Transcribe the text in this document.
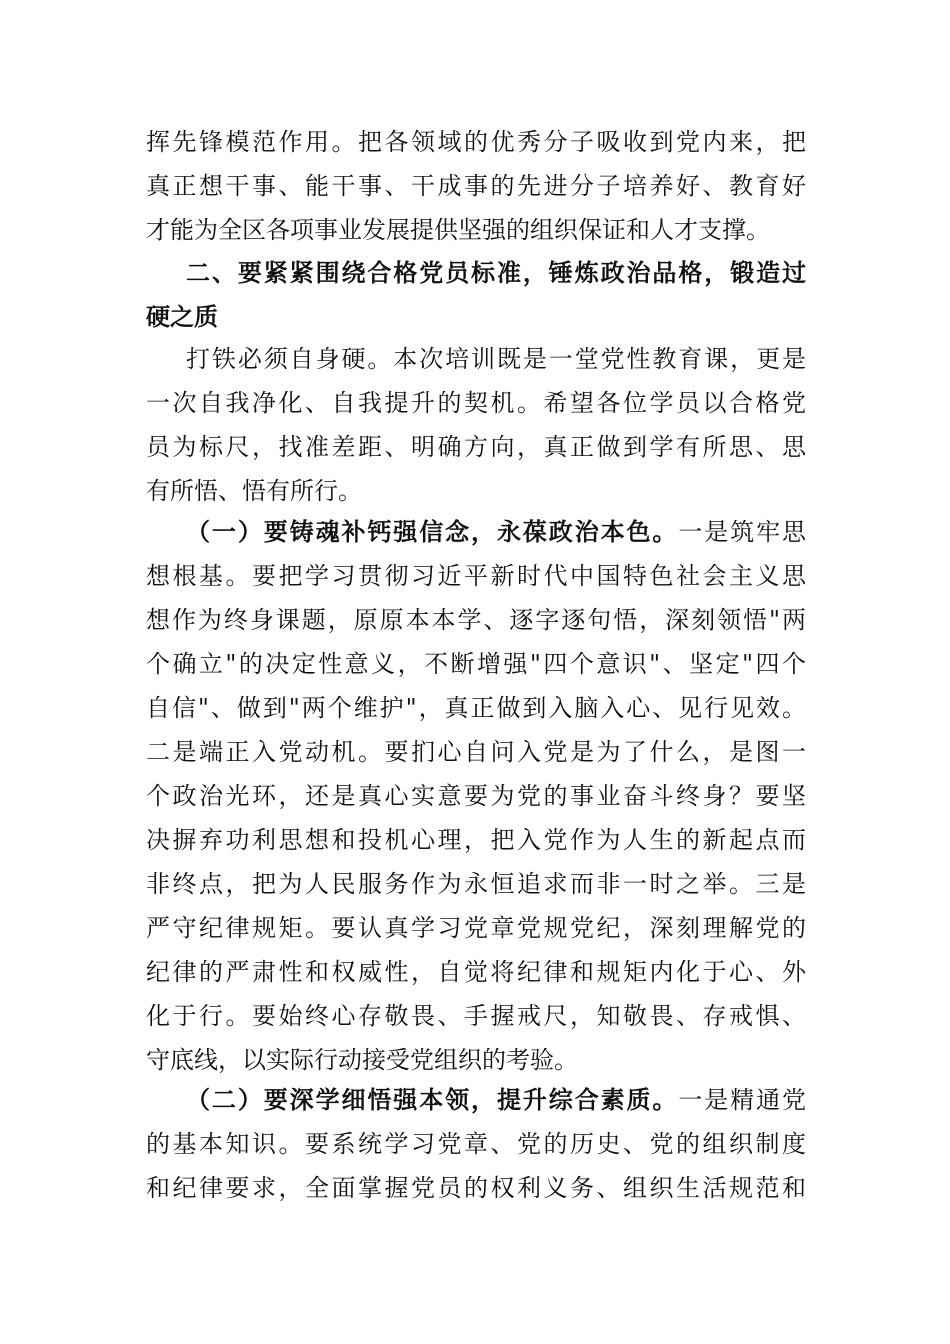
挥先锋模范作用。把各领域的优秀分子吸收到党内来，把
真正想干事、能干事、干成事的先进分子培养好、教育好
才能为全区各项事业发展提供坚强的组织保证和人才支撑。
二、要紧紧围绕合格党员标准，锤炼政治品格，锻造过
硬之质
打铁必须自身硬。本次培训既是一堂党性教育课，更是
一次自我净化、自我提升的契机。希望各位学员以合格党
员为标尺，找准差距、明确方向，真正做到学有所思、思
有所悟、悟有所行。
（一）要铸魂补钙强信念，永葆政治本色。一是筑牢思
想根基。要把学习贯彻习近平新时代中国特色社会主义思
想作为终身课题，原原本本学、逐字逐句悟，深刻领悟"两
个确立"的决定性意义，不断增强"四个意识"、坚定"四个
自信"、做到"两个维护"，真正做到入脑入心、见行见效。
二是端正入党动机。要扪心自问入党是为了什么，是图一
个政治光环，还是真心实意要为党的事业奋斗终身？要坚
决摒弃功利思想和投机心理，把入党作为人生的新起点而
非终点，把为人民服务作为永恒追求而非一时之举。三是
严守纪律规矩。要认真学习党章党规党纪，深刻理解党的
纪律的严肃性和权威性，自觉将纪律和规矩内化于心、外
化于行。要始终心存敬畏、手握戒尺，知敬畏、存戒惧、
守底线，以实际行动接受党组织的考验。
（二）要深学细悟强本领，提升综合素质。一是精通党
的基本知识。要系统学习党章、党的历史、党的组织制度
和纪律要求，全面掌握党员的权利义务、组织生活规范和
